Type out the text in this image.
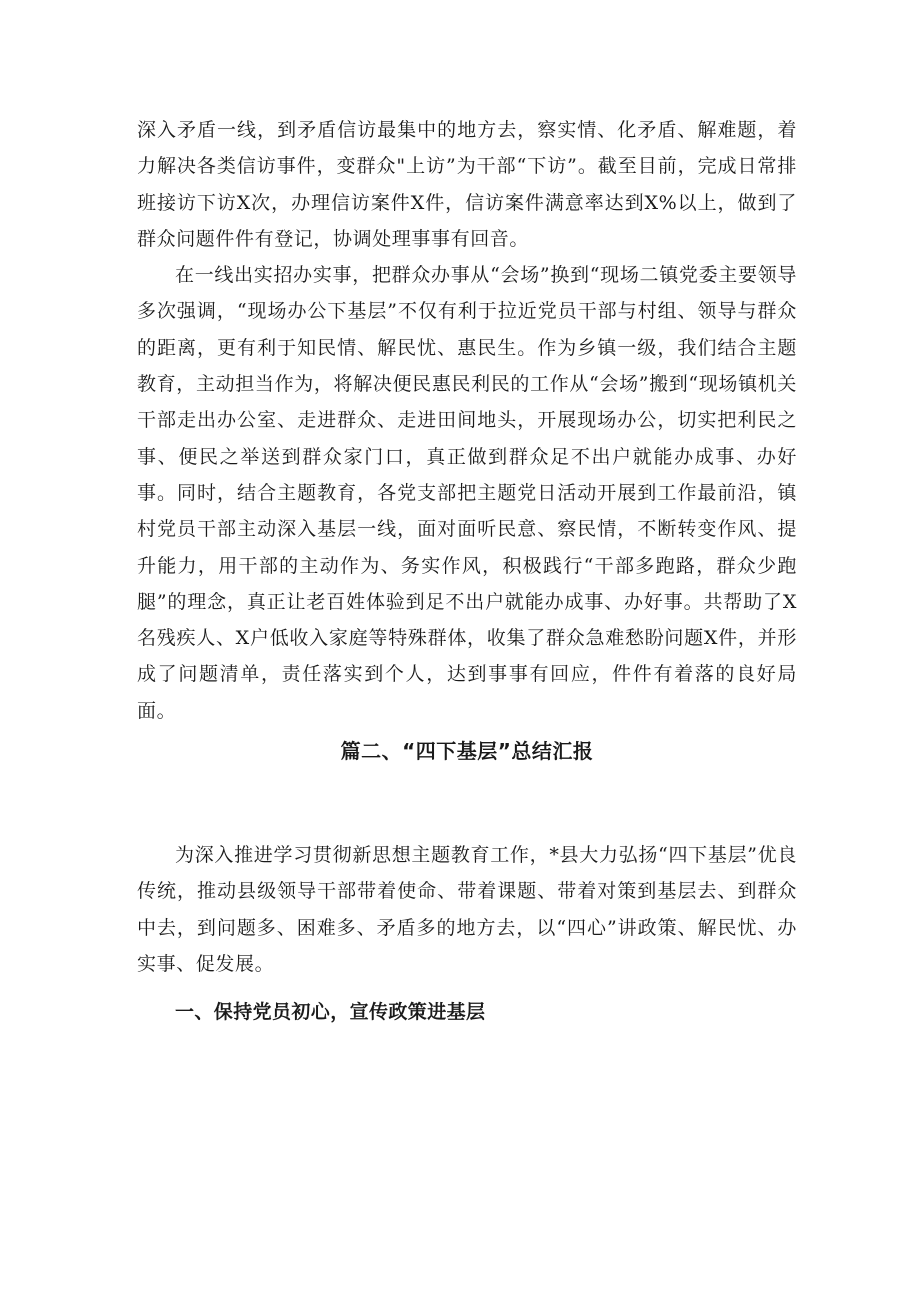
深入矛盾一线，到矛盾信访最集中的地方去，察实情、化矛盾、解难题，着力解决各类信访事件，变群众"上访”为干部“下访”。截至目前，完成日常排班接访下访X次，办理信访案件X件，信访案件满意率达到X%以上，做到了群众问题件件有登记，协调处理事事有回音。

在一线出实招办实事，把群众办事从“会场”换到“现场二镇党委主要领导多次强调，“现场办公下基层”不仅有利于拉近党员干部与村组、领导与群众的距离，更有利于知民情、解民忧、惠民生。作为乡镇一级，我们结合主题教育，主动担当作为，将解决便民惠民利民的工作从“会场”搬到“现场镇机关干部走出办公室、走进群众、走进田间地头，开展现场办公，切实把利民之事、便民之举送到群众家门口，真正做到群众足不出户就能办成事、办好事。同时，结合主题教育，各党支部把主题党日活动开展到工作最前沿，镇村党员干部主动深入基层一线，面对面听民意、察民情，不断转变作风、提升能力，用干部的主动作为、务实作风，积极践行“干部多跑路，群众少跑腿”的理念，真正让老百姓体验到足不出户就能办成事、办好事。共帮助了X名残疾人、X户低收入家庭等特殊群体，收集了群众急难愁盼问题X件，并形成了问题清单，责任落实到个人，达到事事有回应，件件有着落的良好局面。

篇二、“四下基层”总结汇报

为深入推进学习贯彻新思想主题教育工作，*县大力弘扬“四下基层”优良传统，推动县级领导干部带着使命、带着课题、带着对策到基层去、到群众中去，到问题多、困难多、矛盾多的地方去，以“四心”讲政策、解民忧、办实事、促发展。

一、保持党员初心，宣传政策进基层
